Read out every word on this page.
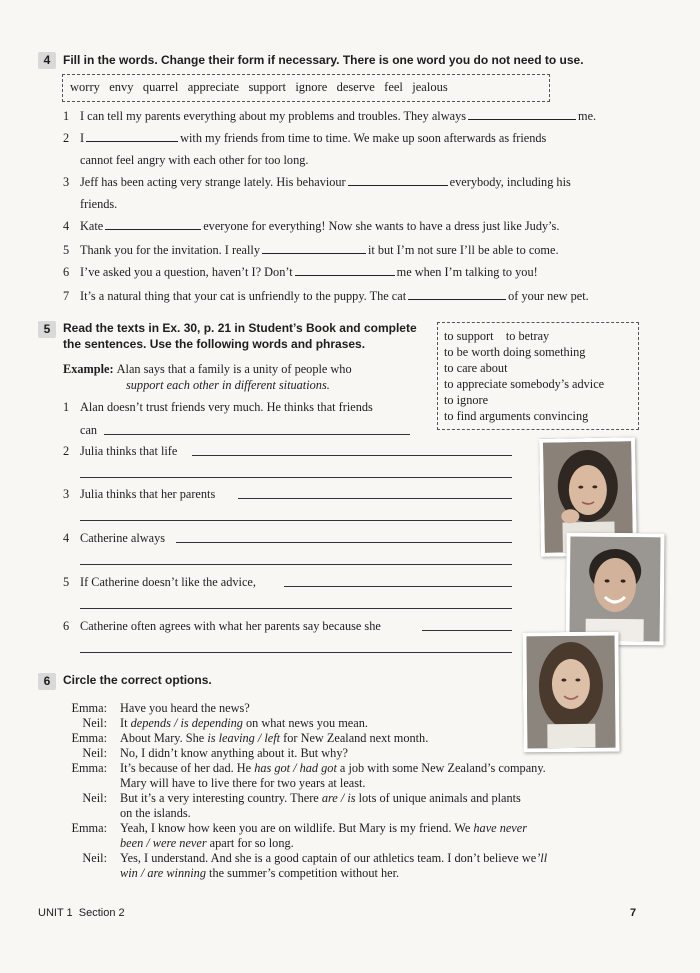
4	Fill in the words. Change their form if necessary. There is one word you do not need to use.
worry envy quarrel appreciate support ignore deserve feel jealous
1 I can tell my parents everything about my problems and troubles. They always	me.
2 I	with my friends from time to time. We make up soon afterwards as friends
cannot feel angry with each other for too long.
3 Jeff has been acting very strange lately. His behaviour	everybody, including his
friends.
4 Kate	everyone for everything! Now she wants to have a dress just like Judy’s.
5 Thank you for the invitation. I really	it but I’m not sure I’ll be able to come.
6 I’ve asked you a question, haven’t I? Don’t	me when I’m talking to you!
7 It’s a natural thing that your cat is unfriendly to the puppy. The cat	of your new pet.
5	Read the texts in Ex. 30, p. 21 in Student’s Book and complete
the sentences. Use the following words and phrases.
to support to betray
to be worth doing something
to care about
to appreciate somebody’s advice
to ignore
to find arguments convincing
Example: Alan says that a family is a unity of people who
support each other in different situations.
1 Alan doesn’t trust friends very much. He thinks that friends
can
2 Julia thinks that life
3 Julia thinks that her parents
4 Catherine always
5 If Catherine doesn’t like the advice,
6 Catherine often agrees with what her parents say because she
6	Circle the correct options.
Emma: Have you heard the news?
Neil: It depends / is depending on what news you mean.
Emma: About Mary. She is leaving / left for New Zealand next month.
Neil: No, I didn’t know anything about it. But why?
Emma: It’s because of her dad. He has got / had got a job with some New Zealand’s company.
Mary will have to live there for two years at least.
Neil: But it’s a very interesting country. There are / is lots of unique animals and plants
on the islands.
Emma: Yeah, I know how keen you are on wildlife. But Mary is my friend. We have never
been / were never apart for so long.
Neil: Yes, I understand. And she is a good captain of our athletics team. I don’t believe we’ll
win / are winning the summer’s competition without her.
UNIT 1 Section 2	7
